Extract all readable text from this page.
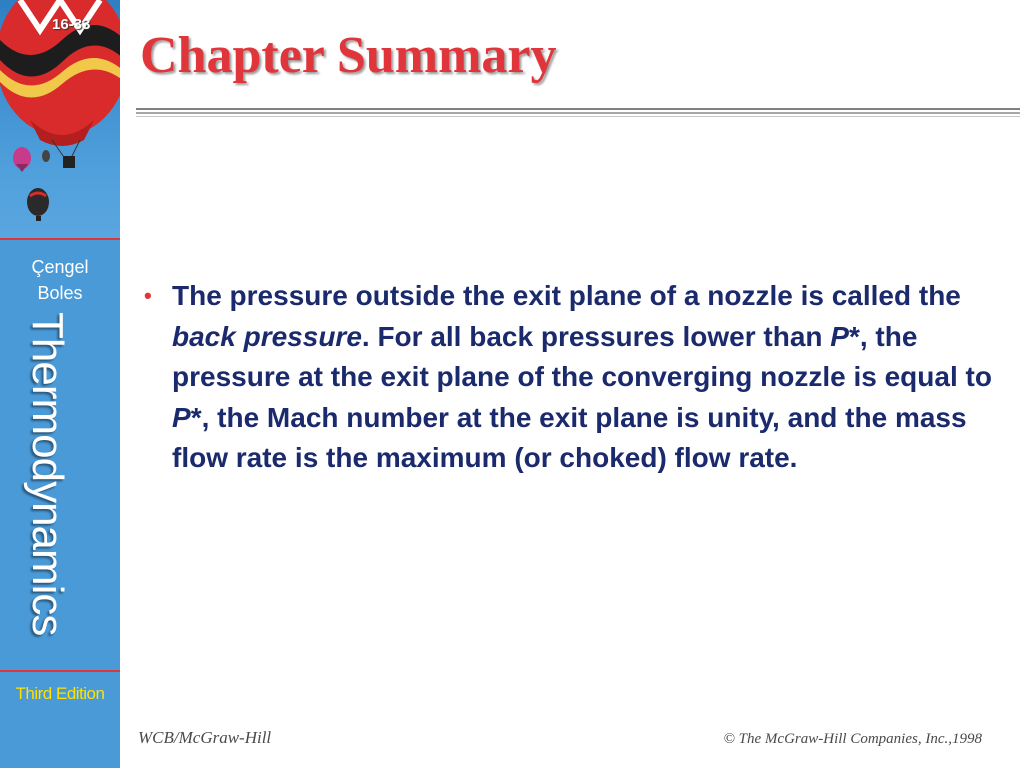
16-33
Çengel
Boles
Thermodynamics
Third Edition
Chapter Summary
• The pressure outside the exit plane of a nozzle is called the back pressure. For all back pressures lower than P*, the pressure at the exit plane of the converging nozzle is equal to P*, the Mach number at the exit plane is unity, and the mass flow rate is the maximum (or choked) flow rate.
WCB/McGraw-Hill	© The McGraw-Hill Companies, Inc.,1998
